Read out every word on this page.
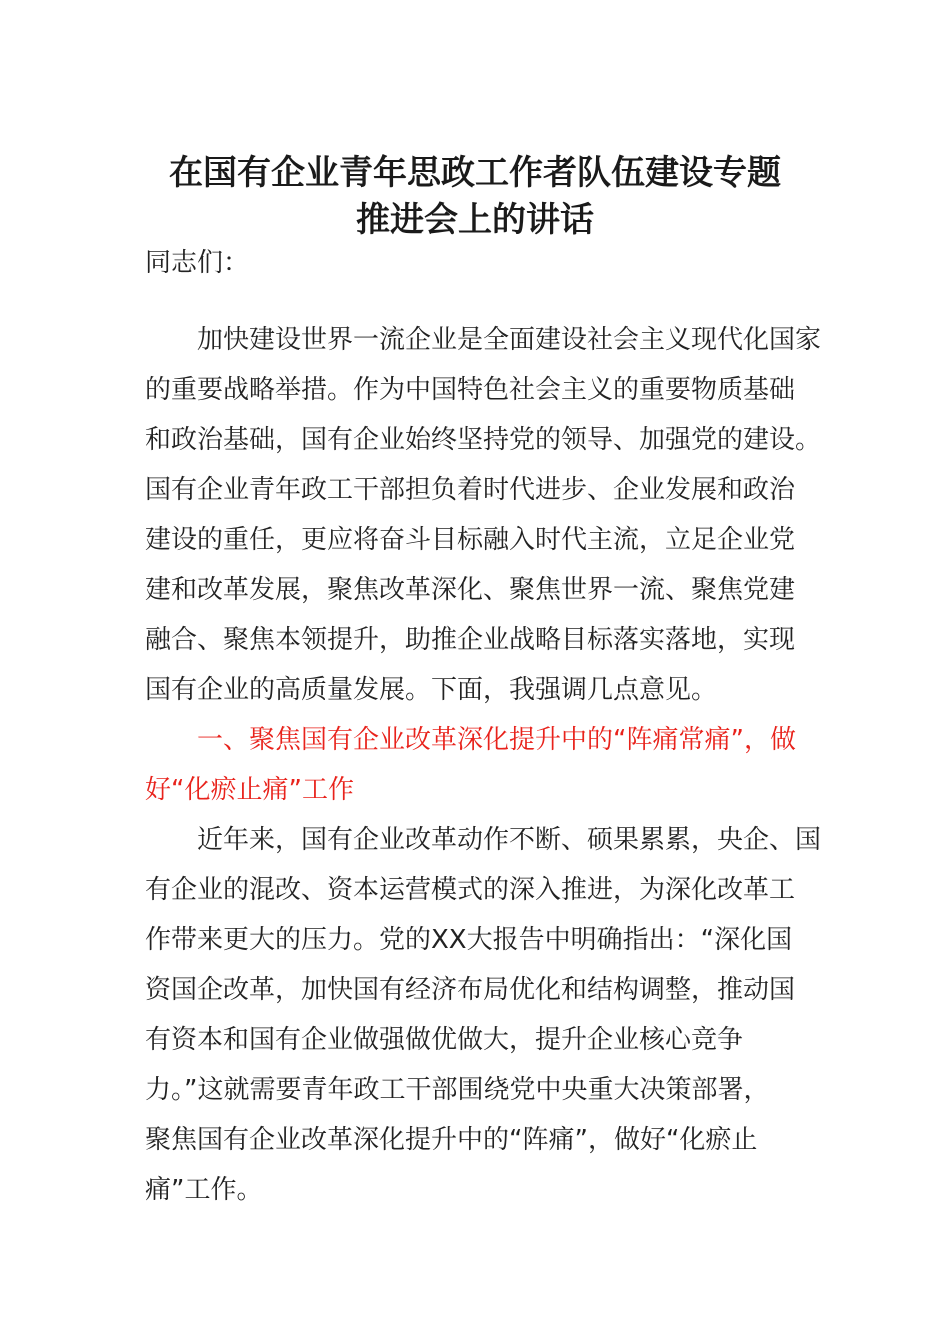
在国有企业青年思政工作者队伍建设专题
推进会上的讲话
同志们：
　　加快建设世界一流企业是全面建设社会主义现代化国家
的重要战略举措。作为中国特色社会主义的重要物质基础
和政治基础，国有企业始终坚持党的领导、加强党的建设。
国有企业青年政工干部担负着时代进步、企业发展和政治
建设的重任，更应将奋斗目标融入时代主流，立足企业党
建和改革发展，聚焦改革深化、聚焦世界一流、聚焦党建
融合、聚焦本领提升，助推企业战略目标落实落地，实现
国有企业的高质量发展。下面，我强调几点意见。
　　一、聚焦国有企业改革深化提升中的“阵痛常痛”，做
好“化瘀止痛”工作
　　近年来，国有企业改革动作不断、硕果累累，央企、国
有企业的混改、资本运营模式的深入推进，为深化改革工
作带来更大的压力。党的XX大报告中明确指出：“深化国
资国企改革，加快国有经济布局优化和结构调整，推动国
有资本和国有企业做强做优做大，提升企业核心竞争
力。”这就需要青年政工干部围绕党中央重大决策部署，
聚焦国有企业改革深化提升中的“阵痛”，做好“化瘀止
痛”工作。
